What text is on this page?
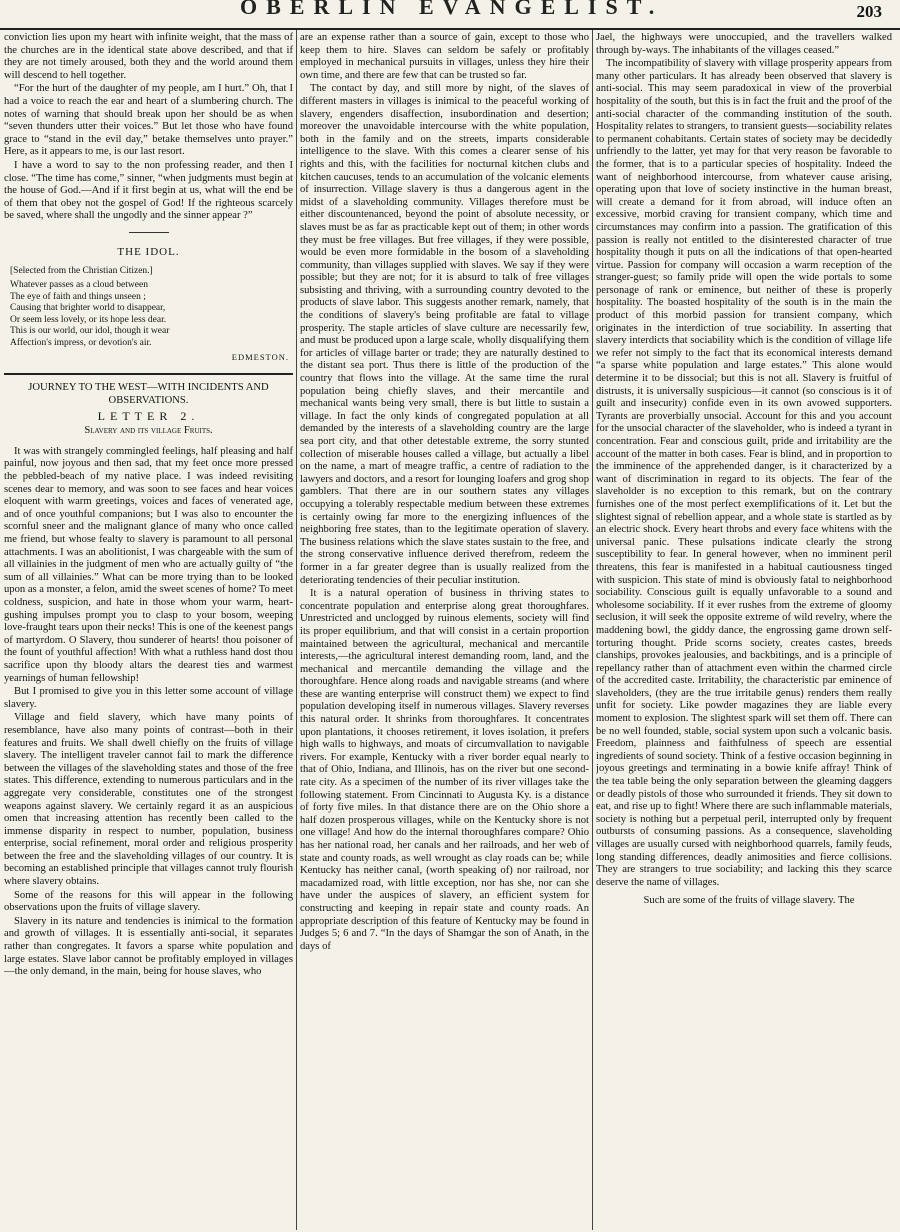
OBERLIN EVANGELIST.	203

conviction lies upon my heart with infinite weight, that the mass of the churches are in the identical state above described, and that if they are not timely aroused, both they and the world around them will descend to hell together.

“For the hurt of the daughter of my people, am I hurt.” Oh, that I had a voice to reach the ear and heart of a slumbering church. The notes of warning that should break upon her should be as when “seven thunders utter their voices.” But let those who have found grace to “stand in the evil day,” betake themselves unto prayer.” Here, as it appears to me, is our last resort.

I have a word to say to the non professing reader, and then I close. “The time has come,” sinner, “when judgments must begin at the house of God.—And if it first begin at us, what will the end be of them that obey not the gospel of God! If the righteous scarcely be saved, where shall the ungodly and the sinner appear ?”

THE IDOL.
[Selected from the Christian Citizen.]
Whatever passes as a cloud between
The eye of faith and things unseen ;
Causing that brighter world to disappear,
Or seem less lovely, or its hope less dear.
This is our world, our idol, though it wear
Affection's impress, or devotion's air.
EDMESTON.
JOURNEY TO THE WEST—WITH INCIDENTS AND OBSERVATIONS.
LETTER 2.
Slavery and its village Fruits.

It was with strangely commingled feelings, half pleasing and half painful, now joyous and then sad, that my feet once more pressed the pebbled-beach of my native place. I was indeed revisiting scenes dear to memory, and was soon to see faces and hear voices eloquent with warm greetings, voices and faces of venerated age, and of once youthful companions; but I was also to encounter the scornful sneer and the malignant glance of many who once called me friend, but whose fealty to slavery is paramount to all personal attachments. I was an abolitionist, I was chargeable with the sum of all villainies in the judgment of men who are actually guilty of “the sum of all villainies.” What can be more trying than to be looked upon as a monster, a felon, amid the sweet scenes of home? To meet coldness, suspicion, and hate in those whom your warm, heart-gushing impulses prompt you to clasp to your bosom, weeping love-fraught tears upon their necks! This is one of the keenest pangs of martyrdom. O Slavery, thou sunderer of hearts! thou poisoner of the fount of youthful affection! With what a ruthless hand dost thou sacrifice upon thy bloody altars the dearest ties and warmest yearnings of human fellowship!

But I promised to give you in this letter some account of village slavery.

Village and field slavery, which have many points of resemblance, have also many points of contrast—both in their features and fruits. We shall dwell chiefly on the fruits of village slavery. The intelligent traveler cannot fail to mark the difference between the villages of the slaveholding states and those of the free states. This difference, extending to numerous particulars and in the aggregate very considerable, constitutes one of the strongest weapons against slavery. We certainly regard it as an auspicious omen that increasing attention has recently been called to the immense disparity in respect to number, population, business enterprise, social refinement, moral order and religious prosperity between the free and the slaveholding villages of our country. It is becoming an established principle that villages cannot truly flourish where slavery obtains.

Some of the reasons for this will appear in the following observations upon the fruits of village slavery.

Slavery in its nature and tendencies is inimical to the formation and growth of villages. It is essentially anti-social, it separates rather than congregates. It favors a sparse white population and large estates. Slave labor cannot be profitably employed in villages—the only demand, in the main, being for house slaves, who

are an expense rather than a source of gain, except to those who keep them to hire. Slaves can seldom be safely or profitably employed in mechanical pursuits in villages, unless they hire their own time, and there are few that can be trusted so far.

The contact by day, and still more by night, of the slaves of different masters in villages is inimical to the peaceful working of slavery, engenders disaffection, insubordination and desertion; moreover the unavoidable intercourse with the white population, both in the family and on the streets, imparts considerable intelligence to the slave. With this comes a clearer sense of his rights and this, with the facilities for nocturnal kitchen clubs and kitchen caucuses, tends to an accumulation of the volcanic elements of insurrection. Village slavery is thus a dangerous agent in the midst of a slaveholding community. Villages therefore must be either discountenanced, beyond the point of absolute necessity, or slaves must be as far as practicable kept out of them; in other words they must be free villages. But free villages, if they were possible, would be even more formidable in the bosom of a slaveholding community, than villages supplied with slaves. We say if they were possible; but they are not; for it is absurd to talk of free villages subsisting and thriving, with a surrounding country devoted to the products of slave labor. This suggests another remark, namely, that the conditions of slavery's being profitable are fatal to village prosperity. The staple articles of slave culture are necessarily few, and must be produced upon a large scale, wholly disqualifying them for articles of village barter or trade; they are naturally destined to the distant sea port. Thus there is little of the production of the country that flows into the village. At the same time the rural population being chiefly slaves, and their mercantile and mechanical wants being very small, there is but little to sustain a village. In fact the only kinds of congregated population at all demanded by the interests of a slaveholding country are the large sea port city, and that other detestable extreme, the sorry stunted collection of miserable houses called a village, but actually a libel on the name, a mart of meagre traffic, a centre of radiation to the lawyers and doctors, and a resort for lounging loafers and grog shop gamblers. That there are in our southern states any villages occupying a tolerably respectable medium between these extremes is certainly owing far more to the energizing influences of the neighboring free states, than to the legitimate operation of slavery. The business relations which the slave states sustain to the free, and the strong conservative influence derived therefrom, redeem the former in a far greater degree than is usually realized from the deteriorating tendencies of their peculiar institution.

It is a natural operation of business in thriving states to concentrate population and enterprise along great thoroughfares. Unrestricted and unclogged by ruinous elements, society will find its proper equilibrium, and that will consist in a certain proportion maintained between the agricultural, mechanical and mercantile interests,—the agricultural interest demanding room, land, and the mechanical and mercantile demanding the village and the thoroughfare. Hence along roads and navigable streams (and where these are wanting enterprise will construct them) we expect to find population developing itself in numerous villages. Slavery reverses this natural order. It shrinks from thoroughfares. It concentrates upon plantations, it chooses retirement, it loves isolation, it prefers high walls to highways, and moats of circumvallation to navigable rivers. For example, Kentucky with a river border equal nearly to that of Ohio, Indiana, and Illinois, has on the river but one second-rate city. As a specimen of the number of its river villages take the following statement. From Cincinnati to Augusta Ky. is a distance of forty five miles. In that distance there are on the Ohio shore a half dozen prosperous villages, while on the Kentucky shore is not one village! And how do the internal thoroughfares compare? Ohio has her national road, her canals and her railroads, and her web of state and county roads, as well wrought as clay roads can be; while Kentucky has neither canal, (worth speaking of) nor railroad, nor macadamized road, with little exception, nor has she, nor can she have under the auspices of slavery, an efficient system for constructing and keeping in repair state and county roads. An appropriate description of this feature of Kentucky may be found in Judges 5; 6 and 7. “In the days of Shamgar the son of Anath, in the days of

Jael, the highways were unoccupied, and the travellers walked through by-ways. The inhabitants of the villages ceased.”

The incompatibility of slavery with village prosperity appears from many other particulars. It has already been observed that slavery is anti-social. This may seem paradoxical in view of the proverbial hospitality of the south, but this is in fact the fruit and the proof of the anti-social character of the commanding institution of the south. Hospitality relates to strangers, to transient guests—sociability relates to permanent cohabitants. Certain states of society may be decidedly unfriendly to the latter, yet may for that very reason be favorable to the former, that is to a particular species of hospitality. Indeed the want of neighborhood intercourse, from whatever cause arising, operating upon that love of society instinctive in the human breast, will create a demand for it from abroad, will induce often an excessive, morbid craving for transient company, which time and circumstances may confirm into a passion. The gratification of this passion is really not entitled to the disinterested character of true hospitality though it puts on all the indications of that open-hearted virtue. Passion for company will occasion a warm reception of the stranger-guest; so family pride will open the wide portals to some personage of rank or eminence, but neither of these is properly hospitality. The boasted hospitality of the south is in the main the product of this morbid passion for transient company, which originates in the interdiction of true sociability. In asserting that slavery interdicts that sociability which is the condition of village life we refer not simply to the fact that its economical interests demand “a sparse white population and large estates.” This alone would determine it to be dissocial; but this is not all. Slavery is fruitful of distrusts, it is universally suspicious—it cannot (so conscious is it of guilt and insecurity) confide even in its own avowed supporters. Tyrants are proverbially unsocial. Account for this and you account for the unsocial character of the slaveholder, who is indeed a tyrant in concentration. Fear and conscious guilt, pride and irritability are the account of the matter in both cases. Fear is blind, and in proportion to the imminence of the apprehended danger, is it characterized by a want of discrimination in regard to its objects. The fear of the slaveholder is no exception to this remark, but on the contrary furnishes one of the most perfect exemplifications of it. Let but the slightest signal of rebellion appear, and a whole state is startled as by an electric shock. Every heart throbs and every face whitens with the universal panic. These pulsations indicate clearly the strong susceptibility to fear. In general however, when no imminent peril threatens, this fear is manifested in a habitual cautiousness tinged with suspicion. This state of mind is obviously fatal to neighborhood sociability. Conscious guilt is equally unfavorable to a sound and wholesome sociability. If it ever rushes from the extreme of gloomy seclusion, it will seek the opposite extreme of wild revelry, where the maddening bowl, the giddy dance, the engrossing game drown self-torturing thought. Pride scorns society, creates castes, breeds clanships, provokes jealousies, and backbitings, and is a principle of repellancy rather than of attachment even within the charmed circle of the accredited caste. Irritability, the characteristic par eminence of slaveholders, (they are the true irritabile genus) renders them really unfit for society. Like powder magazines they are liable every moment to explosion. The slightest spark will set them off. There can be no well founded, stable, social system upon such a volcanic basis. Freedom, plainness and faithfulness of speech are essential ingredients of sound society. Think of a festive occasion beginning in joyous greetings and terminating in a bowie knife affray! Think of the tea table being the only separation between the gleaming daggers or deadly pistols of those who surrounded it friends. They sit down to eat, and rise up to fight! Where there are such inflammable materials, society is nothing but a perpetual peril, interrupted only by frequent outbursts of consuming passions. As a consequence, slaveholding villages are usually cursed with neighborhood quarrels, family feuds, long standing differences, deadly animosities and fierce collisions. They are strangers to true sociability; and lacking this they scarce deserve the name of villages.

Such are some of the fruits of village slavery. The
